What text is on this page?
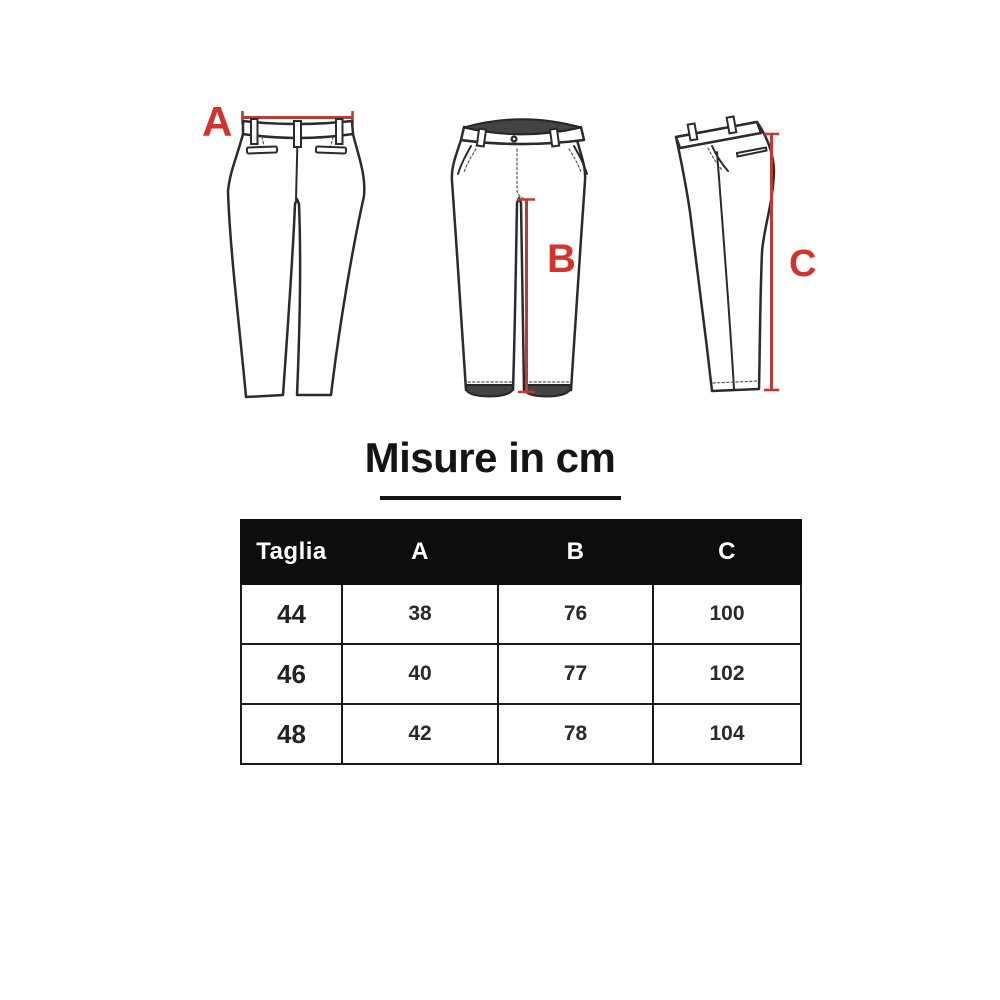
A
B	C
Misure in cm
Taglia	A	B	C
44	38	76	100
46	40	77	102
48	42	78	104
